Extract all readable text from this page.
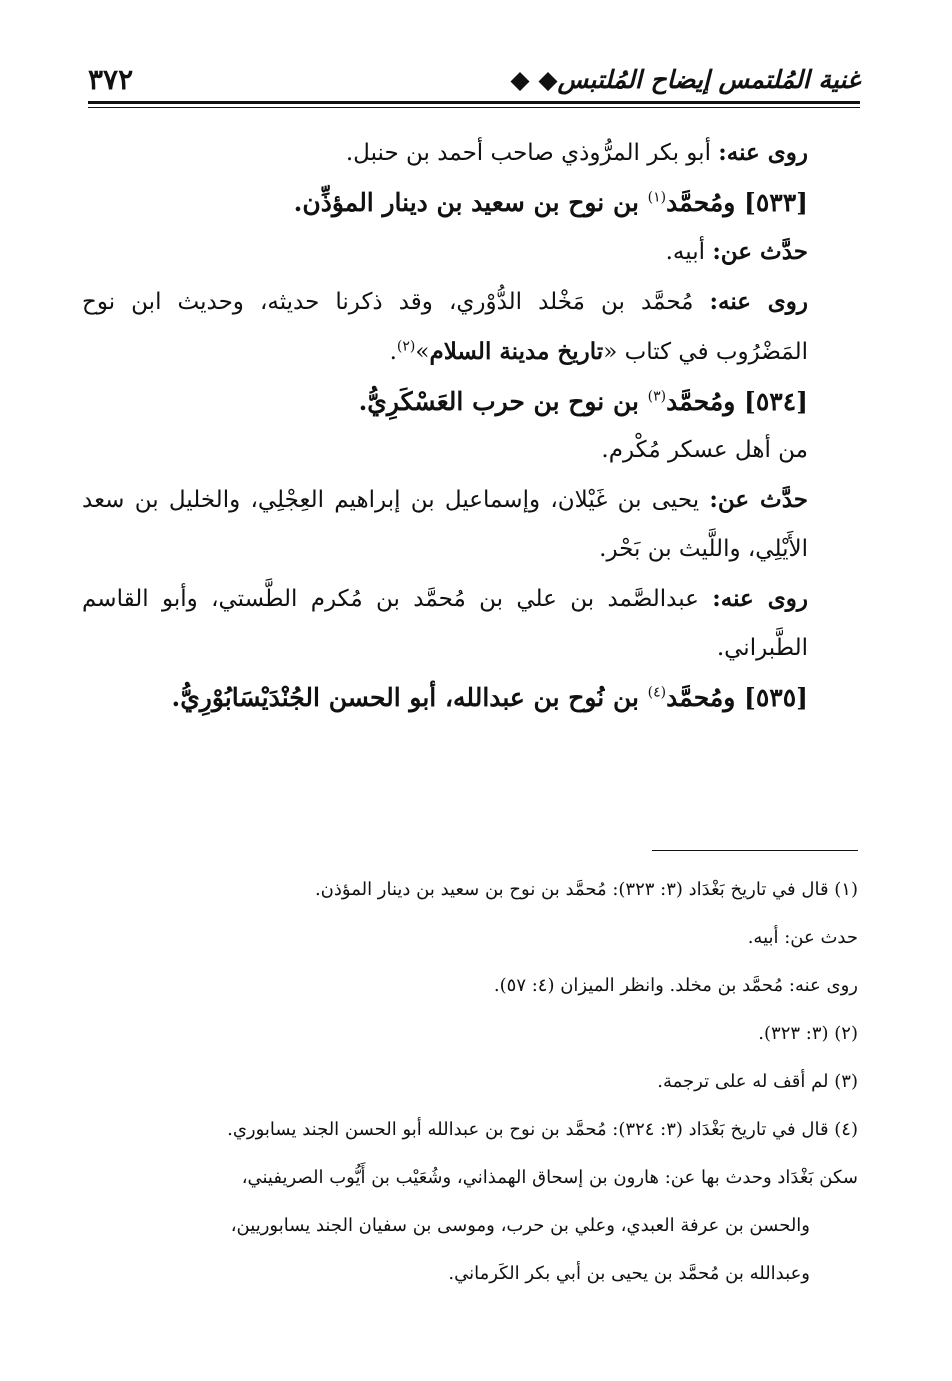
٣٧٢	غنية المُلتمس إيضاح المُلتبس◆ ◆

روى عنه: أبو بكر المرُّوذي صاحب أحمد بن حنبل.

[٥٣٣] ومُحمَّد$^{(١)}$ بن نوح بن سعيد بن دينار المؤذِّن.

حدَّث عن: أبيه.

روى عنه: مُحمَّد بن مَخْلد الدُّوْري، وقد ذكرنا حديثه، وحديث ابن نوح المَضْرُوب في كتاب «تاريخ مدينة السلام»$^{(٢)}$.

[٥٣٤] ومُحمَّد$^{(٣)}$ بن نوح بن حرب العَسْكَرِيُّ.

من أهل عسكر مُكْرم.

حدَّث عن: يحيى بن غَيْلان، وإسماعيل بن إبراهيم العِجْلِي، والخليل بن سعد الأَيْلِي، واللَّيث بن بَحْر.

روى عنه: عبدالصَّمد بن علي بن مُحمَّد بن مُكرم الطَّستي، وأبو القاسم الطَّبراني.

[٥٣٥] ومُحمَّد$^{(٤)}$ بن نُوح بن عبدالله، أبو الحسن الجُنْدَيْسَابُوْرِيُّ.

(١) قال في تاريخ بَغْدَاد (٣: ٣٢٣): مُحمَّد بن نوح بن سعيد بن دينار المؤذن.

حدث عن: أبيه.

روى عنه: مُحمَّد بن مخلد. وانظر الميزان (٤: ٥٧).

(٢) (٣: ٣٢٣).

(٣) لم أقف له على ترجمة.

(٤) قال في تاريخ بَغْدَاد (٣: ٣٢٤): مُحمَّد بن نوح بن عبدالله أبو الحسن الجند يسابوري.

سكن بَغْدَاد وحدث بها عن: هارون بن إسحاق الهمذاني، وشُعَيْب بن أَيُّوب الصريفيني،

والحسن بن عرفة العبدي، وعلي بن حرب، وموسى بن سفيان الجند يسابوريين،

وعبدالله بن مُحمَّد بن يحيى بن أبي بكر الكَرماني.
